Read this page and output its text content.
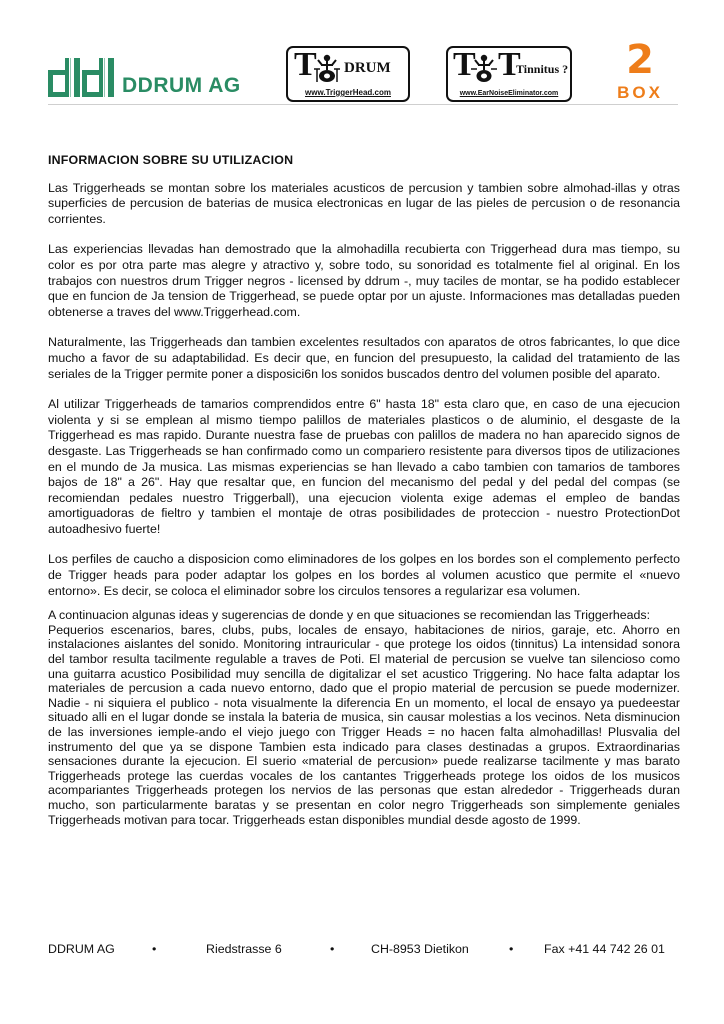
DDRUM AG
T DRUM
www.TriggerHead.com
T T
Tinnitus ?
www.EarNoiseEliminator.com
2
BOX
INFORMACION SOBRE SU UTILIZACION

Las Triggerheads se montan sobre los materiales acusticos de percusion y tambien sobre almohad-illas y otras superficies de percusion de baterias de musica electronicas en lugar de las pieles de percusion o de resonancia corrientes.

Las experiencias llevadas han demostrado que la almohadilla recubierta con Triggerhead dura mas tiempo, su color es por otra parte mas alegre y atractivo y, sobre todo, su sonoridad es totalmente fiel al original. En los trabajos con nuestros drum Trigger negros - licensed by ddrum -, muy taciles de montar, se ha podido establecer que en funcion de Ja tension de Triggerhead, se puede optar por un ajuste. Informaciones mas detalladas pueden obtenerse a traves del www.Triggerhead.com.

Naturalmente, las Triggerheads dan tambien excelentes resultados con aparatos de otros fabricantes, lo que dice mucho a favor de su adaptabilidad. Es decir que, en funcion del presupuesto, la calidad del tratamiento de las seriales de la Trigger permite poner a disposici6n los sonidos buscados dentro del volumen posible del aparato.

Al utilizar Triggerheads de tamarios comprendidos entre 6" hasta 18" esta claro que, en caso de una ejecucion violenta y si se emplean al mismo tiempo palillos de materiales plasticos o de aluminio, el desgaste de la Triggerhead es mas rapido. Durante nuestra fase de pruebas con palillos de madera no han aparecido signos de desgaste. Las Triggerheads se han confirmado como un compariero resistente para diversos tipos de utilizaciones en el mundo de Ja musica. Las mismas experiencias se han llevado a cabo tambien con tamarios de tambores bajos de 18" a 26". Hay que resaltar que, en funcion del mecanismo del pedal y del pedal del compas (se recomiendan pedales nuestro Triggerball), una ejecucion violenta exige ademas el empleo de bandas amortiguadoras de fieltro y tambien el montaje de otras posibilidades de proteccion - nuestro ProtectionDot autoadhesivo fuerte!

Los perfiles de caucho a disposicion como eliminadores de los golpes en los bordes son el complemento perfecto de Trigger heads para poder adaptar los golpes en los bordes al volumen acustico que permite el «nuevo entorno». Es decir, se coloca el eliminador sobre los circulos tensores a regularizar esa volumen.

A continuacion algunas ideas y sugerencias de donde y en que situaciones se recomiendan las Triggerheads:

Pequerios escenarios, bares, clubs, pubs, locales de ensayo, habitaciones de nirios, garaje, etc. Ahorro en instalaciones aislantes del sonido. Monitoring intrauricular - que protege los oidos (tinnitus) La intensidad sonora del tambor resulta tacilmente regulable a traves de Poti. El material de percusion se vuelve tan silencioso como una guitarra acustico Posibilidad muy sencilla de digitalizar el set acustico Triggering. No hace falta adaptar los materiales de percusion a cada nuevo entorno, dado que el propio material de percusion se puede modernizer. Nadie - ni siquiera el publico - nota visualmente la diferencia En un momento, el local de ensayo ya puedeestar situado alli en el lugar donde se instala la bateria de musica, sin causar molestias a los vecinos. Neta disminucion de las inversiones iemple-ando el viejo juego con Trigger Heads = no hacen falta almohadillas! Plusvalia del instrumento del que ya se dispone Tambien esta indicado para clases destinadas a grupos. Extraordinarias sensaciones durante la ejecucion. El suerio «material de percusion» puede realizarse tacilmente y mas barato Triggerheads protege las cuerdas vocales de los cantantes Triggerheads protege los oidos de los musicos acompariantes Triggerheads protegen los nervios de las personas que estan alrededor - Triggerheads duran mucho, son particularmente baratas y se presentan en color negro Triggerheads son simplemente geniales Triggerheads motivan para tocar. Triggerheads estan disponibles mundial desde agosto de 1999.

DDRUM AG	•	Riedstrasse 6	•	CH-8953 Dietikon	• Fax +41 44 742 26 01
